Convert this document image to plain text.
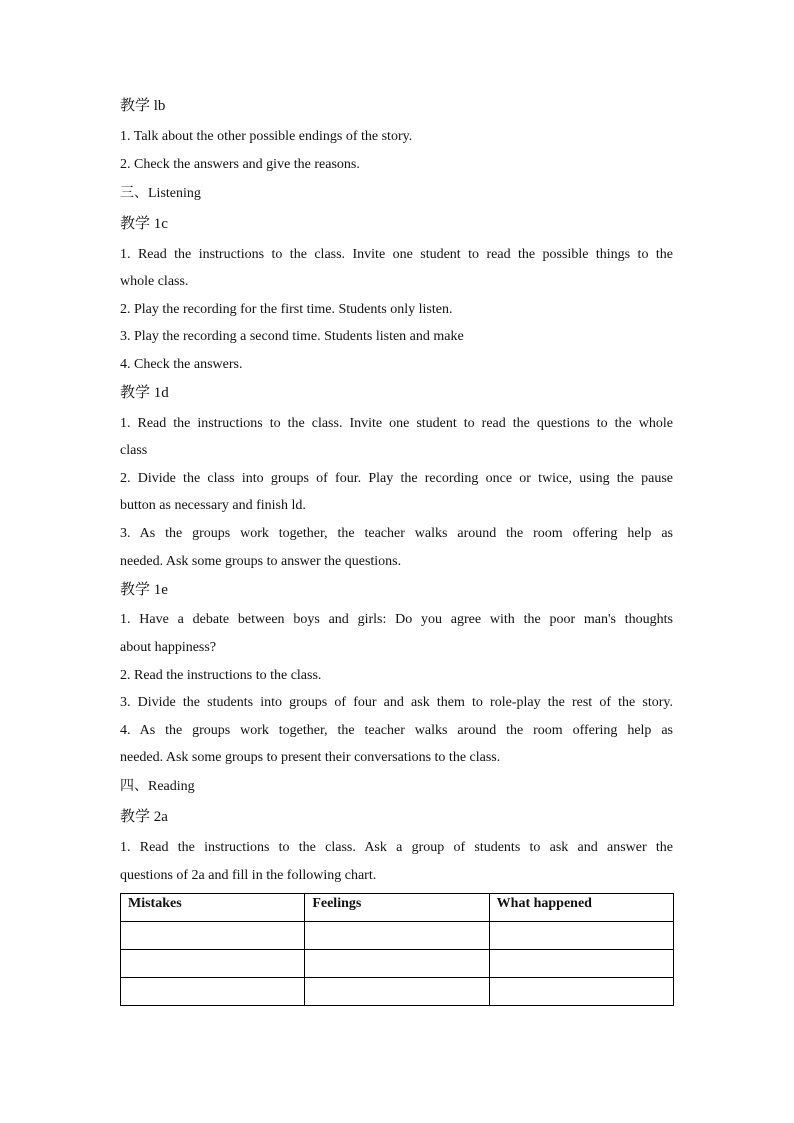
教学 lb
1. Talk about the other possible endings of the story.
2. Check the answers and give the reasons.
三、Listening
教学 1c
1. Read the instructions to the class. Invite one student to read the possible things to the
whole class.
2. Play the recording for the first time. Students only listen.
3. Play the recording a second time. Students listen and make
4. Check the answers.
教学 1d
1. Read the instructions to the class. Invite one student to read the questions to the whole
class
2. Divide the class into groups of four. Play the recording once or twice, using the pause
button as necessary and finish ld.
3. As the groups work together, the teacher walks around the room offering help as
needed. Ask some groups to answer the questions.
教学 1e
1. Have a debate between boys and girls: Do you agree with the poor man's thoughts
about happiness?
2. Read the instructions to the class.
3. Divide the students into groups of four and ask them to role-play the rest of the story.
4. As the groups work together, the teacher walks around the room offering help as
needed. Ask some groups to present their conversations to the class.
四、Reading
教学 2a
1. Read the instructions to the class. Ask a group of students to ask and answer the
questions of 2a and fill in the following chart.
Mistakes	Feelings	What happened
